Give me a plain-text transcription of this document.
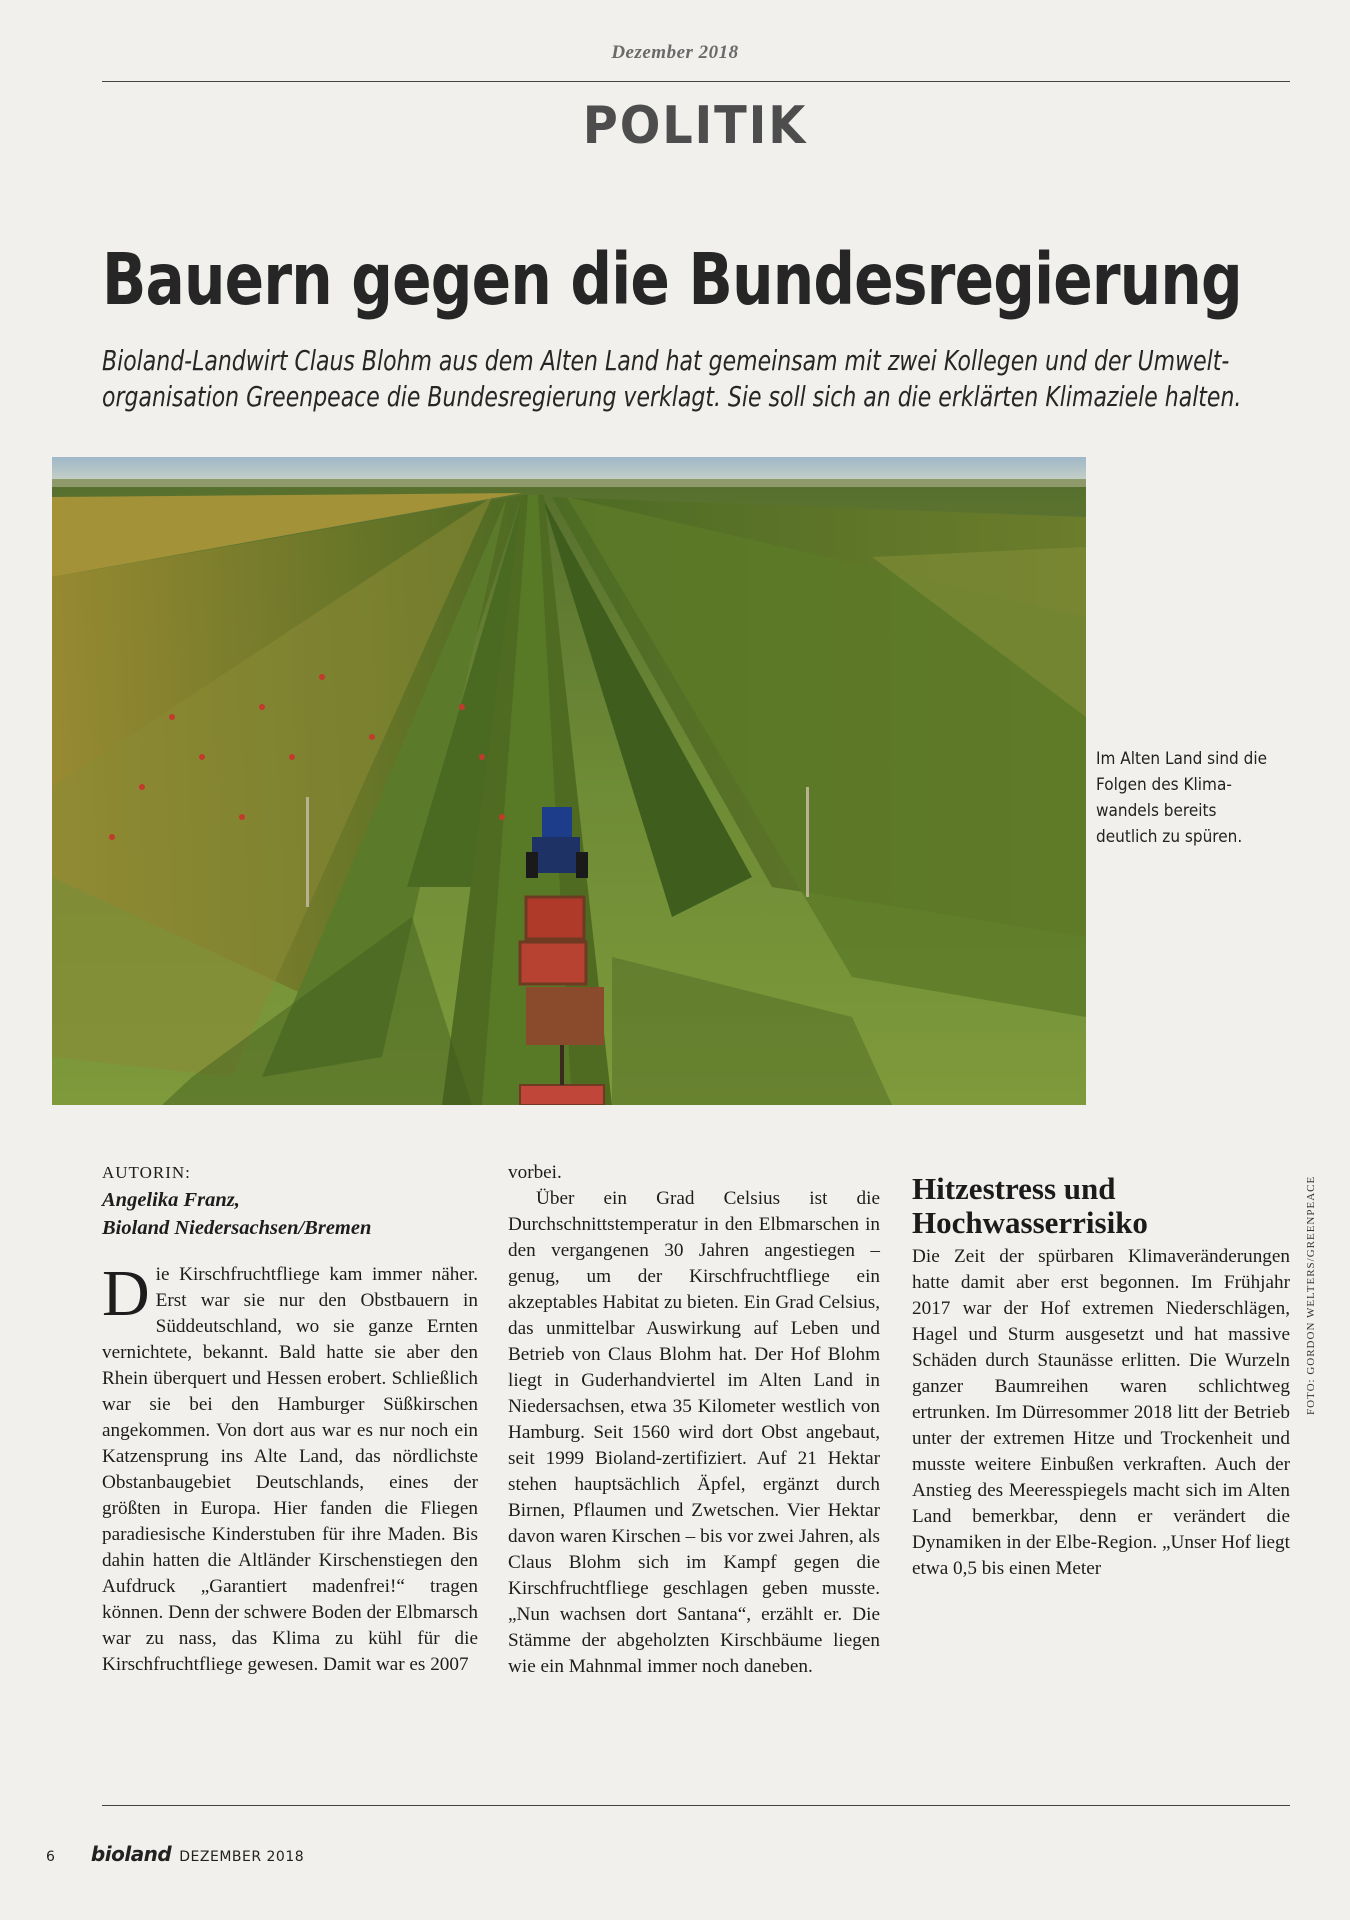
Dezember 2018
POLITIK
Bauern gegen die Bundesregierung
Bioland-Landwirt Claus Blohm aus dem Alten Land hat gemeinsam mit zwei Kollegen und der Umwelt-
organisation Greenpeace die Bundesregierung verklagt. Sie soll sich an die erklärten Klimaziele halten.
Im Alten Land sind die
Folgen des Klima-
wandels bereits
deutlich zu spüren.

AUTORIN:

Angelika Franz,
Bioland Niedersachsen/Bremen

Die Kirschfruchtfliege kam immer näher. Erst war sie nur den Obstbauern in Süddeutschland, wo sie ganze Ernten vernichtete, bekannt. Bald hatte sie aber den Rhein überquert und Hessen erobert. Schließlich war sie bei den Hamburger Süßkirschen angekommen. Von dort aus war es nur noch ein Katzensprung ins Alte Land, das nördlichste Obstanbaugebiet Deutschlands, eines der größten in Europa. Hier fanden die Fliegen paradiesische Kinderstuben für ihre Maden. Bis dahin hatten die Altländer Kirschenstiegen den Aufdruck „Garantiert madenfrei!“ tragen können. Denn der schwere Boden der Elbmarsch war zu nass, das Klima zu kühl für die Kirschfruchtfliege gewesen. Damit war es 2007

vorbei.

Über ein Grad Celsius ist die Durchschnittstemperatur in den Elbmarschen in den vergangenen 30 Jahren angestiegen – genug, um der Kirschfruchtfliege ein akzeptables Habitat zu bieten. Ein Grad Celsius, das unmittelbar Auswirkung auf Leben und Betrieb von Claus Blohm hat. Der Hof Blohm liegt in Guderhandviertel im Alten Land in Niedersachsen, etwa 35 Kilometer westlich von Hamburg. Seit 1560 wird dort Obst angebaut, seit 1999 Bioland-zertifiziert. Auf 21 Hektar stehen hauptsächlich Äpfel, ergänzt durch Birnen, Pflaumen und Zwetschen. Vier Hektar davon waren Kirschen – bis vor zwei Jahren, als Claus Blohm sich im Kampf gegen die Kirschfruchtfliege geschlagen geben musste. „Nun wachsen dort Santana“, erzählt er. Die Stämme der abgeholzten Kirschbäume liegen wie ein Mahnmal immer noch daneben.

Hitzestress und Hochwasserrisiko

Die Zeit der spürbaren Klimaveränderungen hatte damit aber erst begonnen. Im Frühjahr 2017 war der Hof extremen Niederschlägen, Hagel und Sturm ausgesetzt und hat massive Schäden durch Staunässe erlitten. Die Wurzeln ganzer Baumreihen waren schlichtweg ertrunken. Im Dürresommer 2018 litt der Betrieb unter der extremen Hitze und Trockenheit und musste weitere Einbußen verkraften. Auch der Anstieg des Meeresspiegels macht sich im Alten Land bemerkbar, denn er verändert die Dynamiken in der Elbe-Region. „Unser Hof liegt etwa 0,5 bis einen Meter

FOTO: GORDON WELTERS/GREENPEACE
6 bioland DEZEMBER 2018
